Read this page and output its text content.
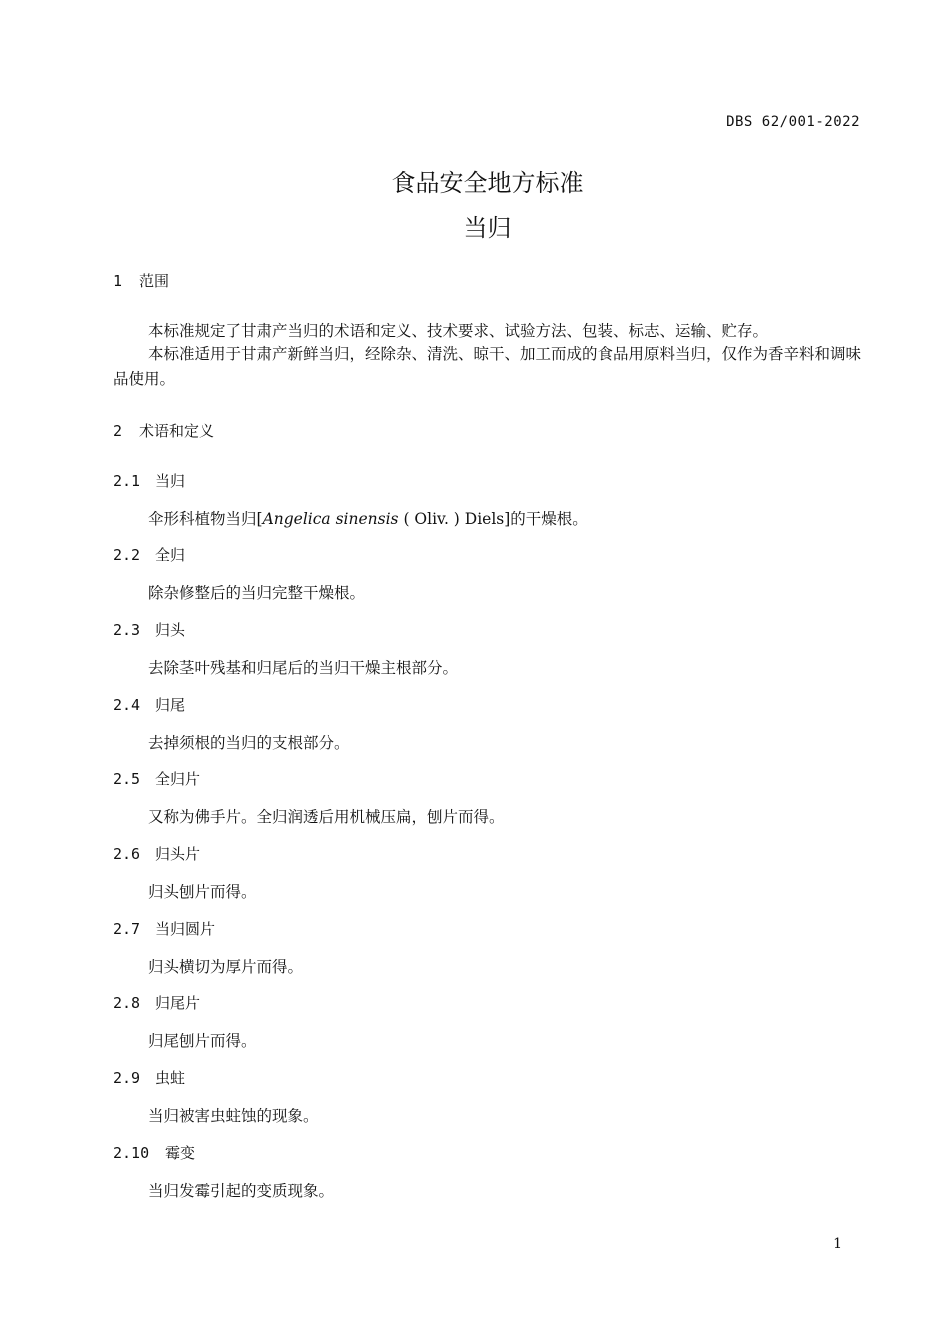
DBS 62/001-2022
食品安全地方标准
当归
1 范围
本标准规定了甘肃产当归的术语和定义、技术要求、试验方法、包装、标志、运输、贮存。
本标准适用于甘肃产新鲜当归，经除杂、清洗、晾干、加工而成的食品用原料当归，仅作为香辛料和调味品使用。
2 术语和定义
2.1 当归
伞形科植物当归[Angelica sinensis ( Oliv. ) Diels]的干燥根。
2.2 全归
除杂修整后的当归完整干燥根。
2.3 归头
去除茎叶残基和归尾后的当归干燥主根部分。
2.4 归尾
去掉须根的当归的支根部分。
2.5 全归片
又称为佛手片。全归润透后用机械压扁，刨片而得。
2.6 归头片
归头刨片而得。
2.7 当归圆片
归头横切为厚片而得。
2.8 归尾片
归尾刨片而得。
2.9 虫蛀
当归被害虫蛀蚀的现象。
2.10 霉变
当归发霉引起的变质现象。
1
